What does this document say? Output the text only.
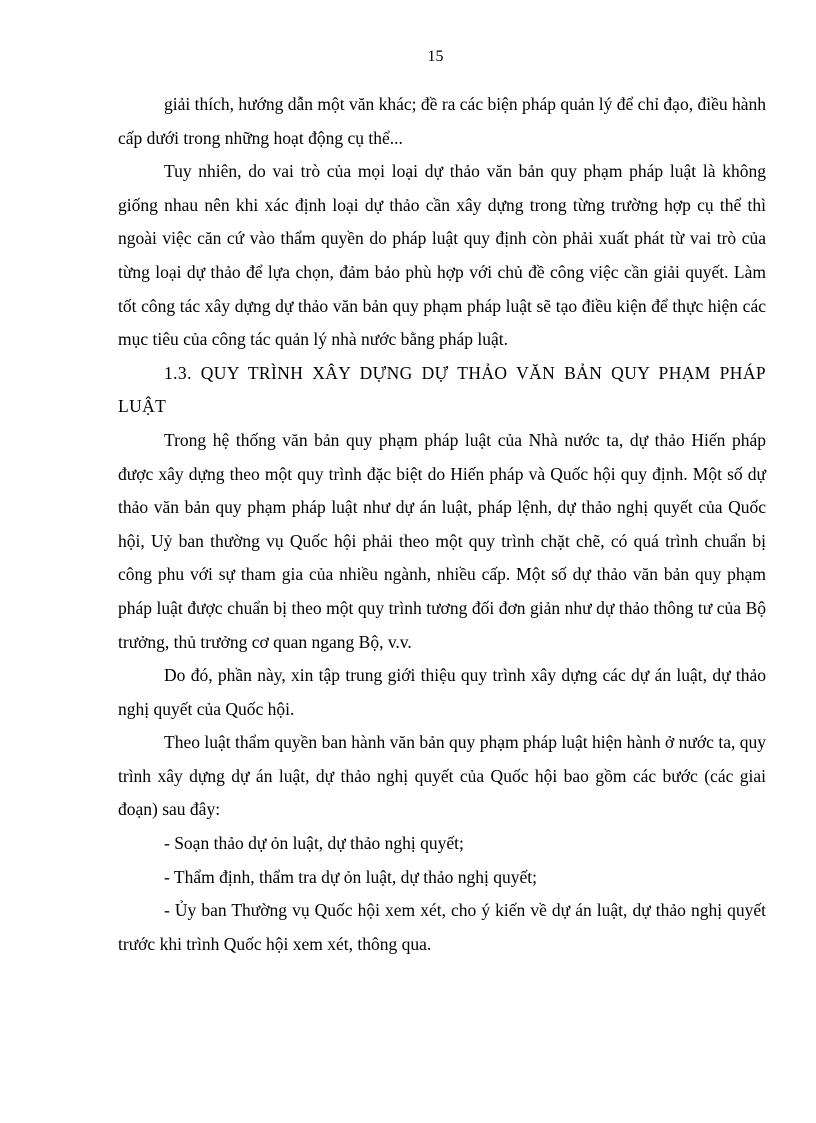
15

giải thích, hướng dẫn một văn khác; đề ra các biện pháp quản lý để chỉ đạo, điều hành cấp dưới trong những hoạt động cụ thể...

Tuy nhiên, do vai trò của mọi loại dự thảo văn bản quy phạm pháp luật là không giống nhau nên khi xác định loại dự thảo cần xây dựng trong từng trường hợp cụ thể thì ngoài việc căn cứ vào thẩm quyền do pháp luật quy định còn phải xuất phát từ vai trò của từng loại dự thảo để lựa chọn, đảm bảo phù hợp với chủ đề công việc cần giải quyết. Làm tốt công tác xây dựng dự thảo văn bản quy phạm pháp luật sẽ tạo điều kiện để thực hiện các mục tiêu của công tác quản lý nhà nước bằng pháp luật.

1.3. QUY TRÌNH XÂY DỰNG DỰ THẢO VĂN BẢN QUY PHẠM PHÁP LUẬT

Trong hệ thống văn bản quy phạm pháp luật của Nhà nước ta, dự thảo Hiến pháp được xây dựng theo một quy trình đặc biệt do Hiến pháp và Quốc hội quy định. Một số dự thảo văn bản quy phạm pháp luật như dự án luật, pháp lệnh, dự thảo nghị quyết của Quốc hội, Uỷ ban thường vụ Quốc hội phải theo một quy trình chặt chẽ, có quá trình chuẩn bị công phu với sự tham gia của nhiều ngành, nhiều cấp. Một số dự thảo văn bản quy phạm pháp luật được chuẩn bị theo một quy trình tương đối đơn giản như dự thảo thông tư của Bộ trưởng, thủ trưởng cơ quan ngang Bộ, v.v.

Do đó, phần này, xin tập trung giới thiệu quy trình xây dựng các dự án luật, dự thảo nghị quyết của Quốc hội.

Theo luật thẩm quyền ban hành văn bản quy phạm pháp luật hiện hành ở nước ta, quy trình xây dựng dự án luật, dự thảo nghị quyết của Quốc hội bao gồm các bước (các giai đoạn) sau đây:

- Soạn thảo dự ỏn luật, dự thảo nghị quyết;

- Thẩm định, thẩm tra dự ỏn luật, dự thảo nghị quyết;

- Ủy ban Thường vụ Quốc hội xem xét, cho ý kiến về dự án luật, dự thảo nghị quyết trước khi trình Quốc hội xem xét, thông qua.
